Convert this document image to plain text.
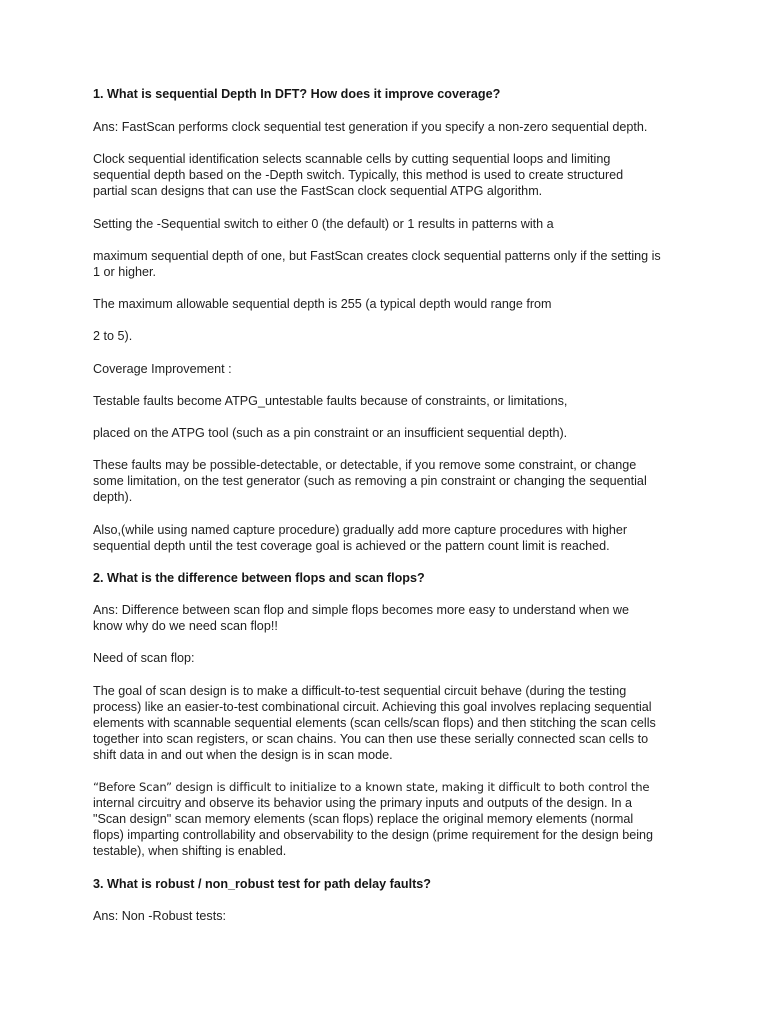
1. What is sequential Depth In DFT? How does it improve coverage?

Ans: FastScan performs clock sequential test generation if you specify a non-zero sequential depth.

Clock sequential identification selects scannable cells by cutting sequential loops and limiting

sequential depth based on the -Depth switch. Typically, this method is used to create structured

partial scan designs that can use the FastScan clock sequential ATPG algorithm.

Setting the -Sequential switch to either 0 (the default) or 1 results in patterns with a

maximum sequential depth of one, but FastScan creates clock sequential patterns only if the setting is

1 or higher.

The maximum allowable sequential depth is 255 (a typical depth would range from

2 to 5).

Coverage Improvement :

Testable faults become ATPG_untestable faults because of constraints, or limitations,

placed on the ATPG tool (such as a pin constraint or an insufficient sequential depth).

These faults may be possible-detectable, or detectable, if you remove some constraint, or change

some limitation, on the test generator (such as removing a pin constraint or changing the sequential

depth).

Also,(while using named capture procedure) gradually add more capture procedures with higher

sequential depth until the test coverage goal is achieved or the pattern count limit is reached.

2. What is the difference between flops and scan flops?

Ans: Difference between scan flop and simple flops becomes more easy to understand when we

know why do we need scan flop!!

Need of scan flop:

The goal of scan design is to make a difficult-to-test sequential circuit behave (during the testing

process) like an easier-to-test combinational circuit. Achieving this goal involves replacing sequential

elements with scannable sequential elements (scan cells/scan flops) and then stitching the scan cells

together into scan registers, or scan chains. You can then use these serially connected scan cells to

shift data in and out when the design is in scan mode.

“Before Scan” design is difficult to initialize to a known state, making it difficult to both control the

internal circuitry and observe its behavior using the primary inputs and outputs of the design. In a

"Scan design" scan memory elements (scan flops) replace the original memory elements (normal

flops) imparting controllability and observability to the design (prime requirement for the design being

testable), when shifting is enabled.

3. What is robust / non_robust test for path delay faults?

Ans: Non -Robust tests:
